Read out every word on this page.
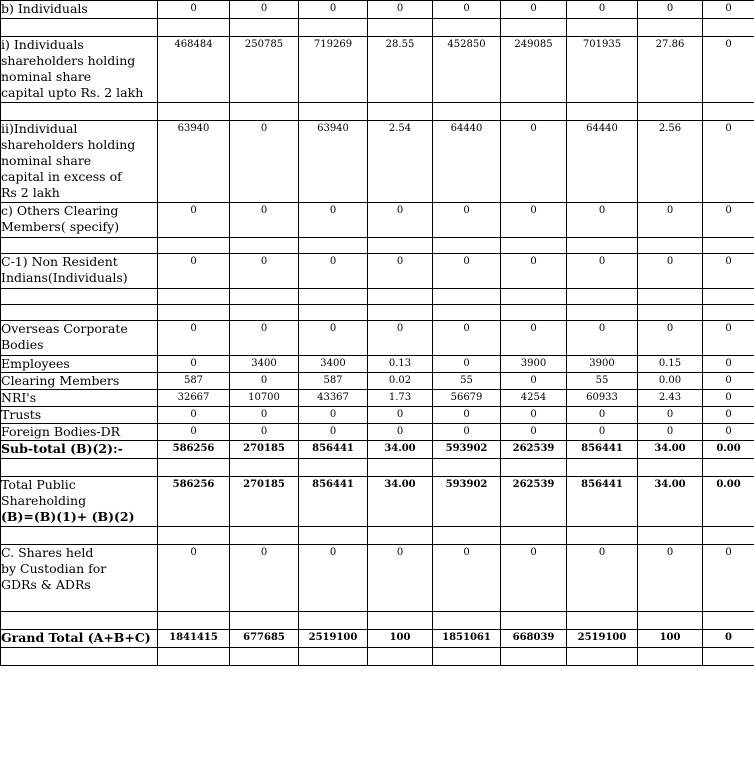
b) Individuals	0	0	0	0	0	0	0	0	0

i) Individuals
shareholders holding
nominal share
capital upto Rs. 2 lakh	468484	250785	719269	28.55	452850	249085	701935	27.86	0

ii)Individual
shareholders holding
nominal share
capital in excess of
Rs 2 lakh	63940	0	63940	2.54	64440	0	64440	2.56	0

c) Others Clearing
Members( specify)	0	0	0	0	0	0	0	0	0

C-1) Non Resident
Indians(Individuals)	0	0	0	0	0	0	0	0	0

Overseas Corporate
Bodies	0	0	0	0	0	0	0	0	0

Employees	0	3400	3400	0.13	0	3900	3900	0.15	0

Clearing Members	587	0	587	0.02	55	0	55	0.00	0

NRI's	32667	10700	43367	1.73	56679	4254	60933	2.43	0

Trusts	0	0	0	0	0	0	0	0	0

Foreign Bodies-DR	0	0	0	0	0	0	0	0	0

Sub-total (B)(2):-	586256	270185	856441	34.00	593902	262539	856441	34.00	0.00

Total Public
Shareholding
(B)=(B)(1)+ (B)(2)	586256	270185	856441	34.00	593902	262539	856441	34.00	0.00

C. Shares held
by Custodian for
GDRs & ADRs	0	0	0	0	0	0	0	0	0

Grand Total (A+B+C)	1841415	677685	2519100	100	1851061	668039	2519100	100	0
